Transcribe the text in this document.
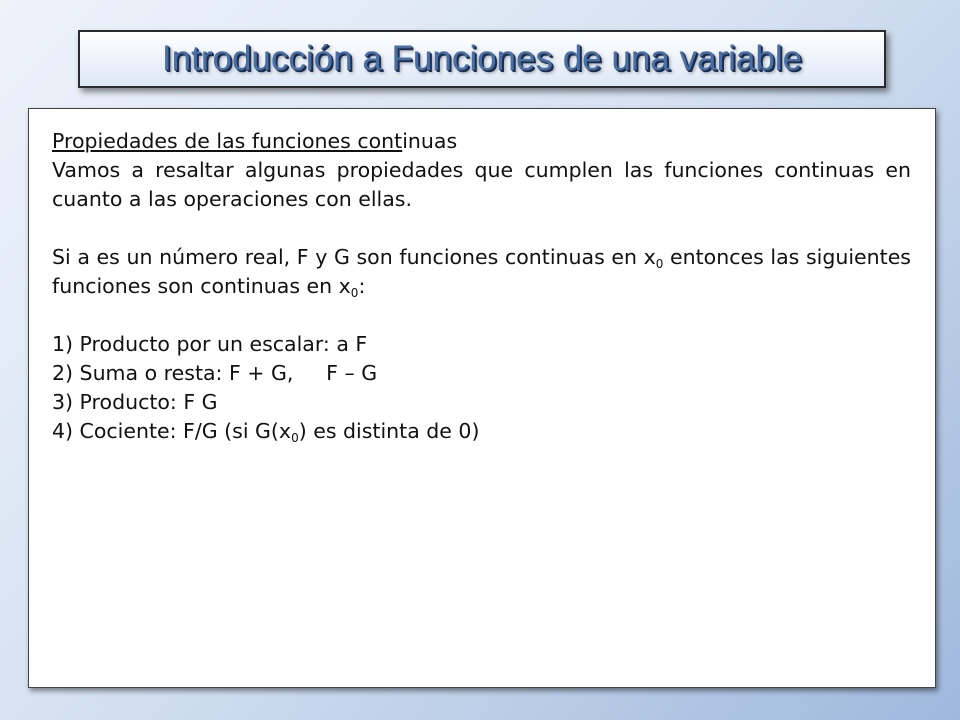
Introducción a Funciones de una variable

Propiedades de las funciones continuas

Vamos a resaltar algunas propiedades que cumplen las funciones continuas en cuanto a las operaciones con ellas.

Si a es un número real, F y G son funciones continuas en $x_0$ entonces las siguientes funciones son continuas en $x_0$:

1) Producto por un escalar: a F
2) Suma o resta: F + G, F – G
3) Producto: F G
4) Cociente: F/G (si $G(x_0)$ es distinta de 0)
